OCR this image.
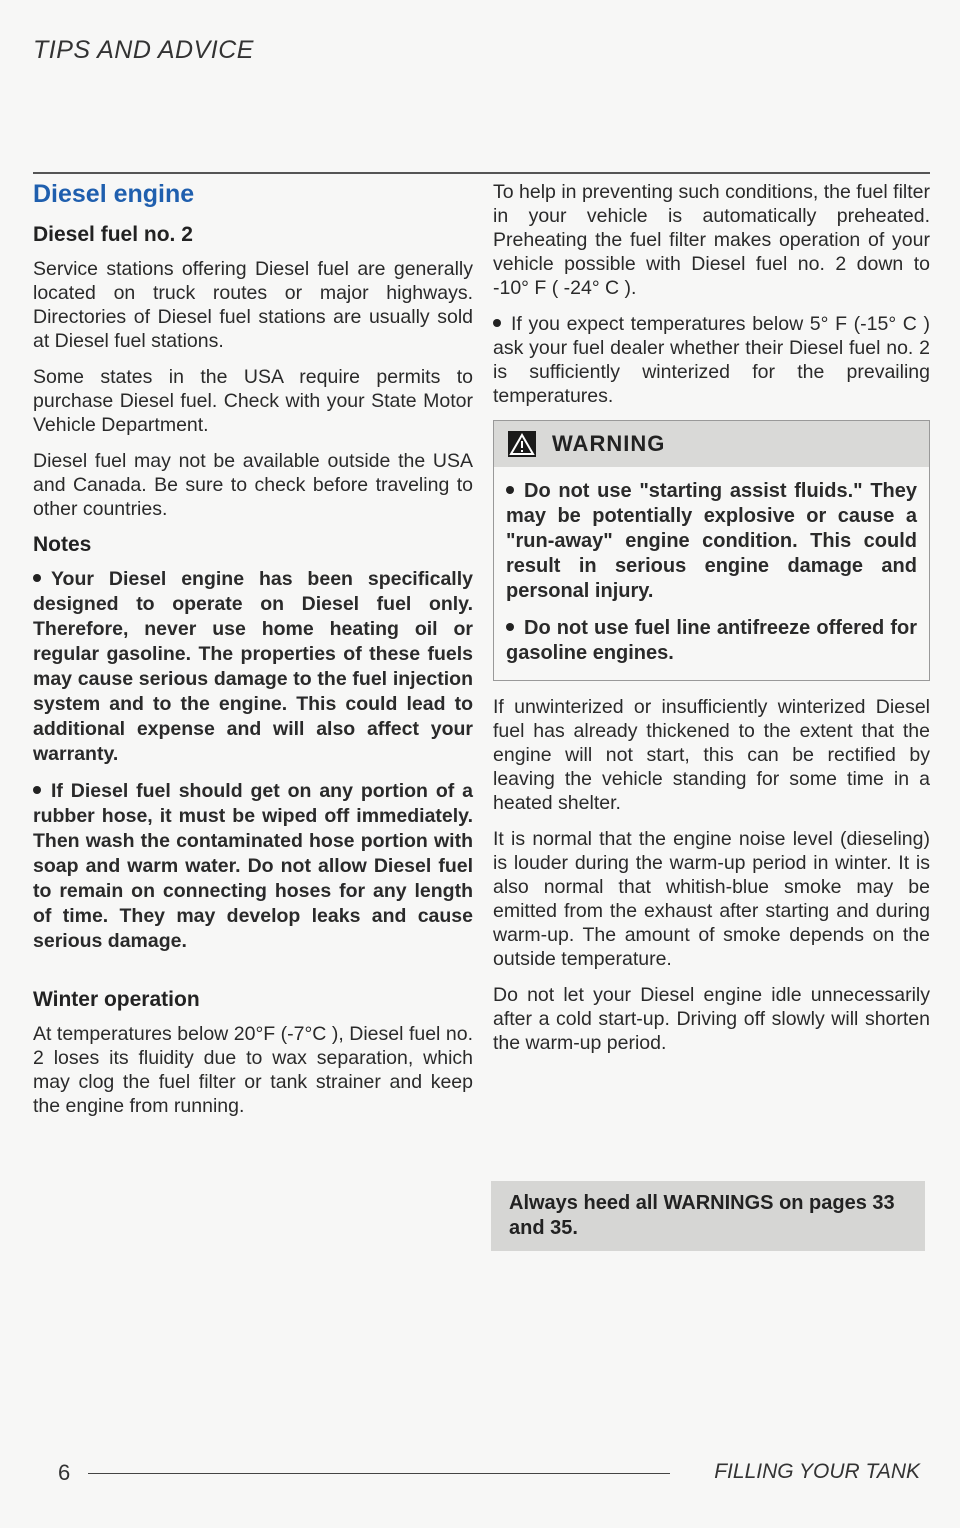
TIPS AND ADVICE
Diesel engine
Diesel fuel no. 2

Service stations offering Diesel fuel are generally located on truck routes or major highways. Directories of Diesel fuel stations are usually sold at Diesel fuel stations.

Some states in the USA require permits to purchase Diesel fuel. Check with your State Motor Vehicle Department.

Diesel fuel may not be available outside the USA and Canada. Be sure to check before traveling to other countries.

Notes
Your Diesel engine has been specifically designed to operate on Diesel fuel only. Therefore, never use home heating oil or regular gasoline. The properties of these fuels may cause serious damage to the fuel injection system and to the engine. This could lead to additional expense and will also affect your warranty.
If Diesel fuel should get on any portion of a rubber hose, it must be wiped off immediately. Then wash the contaminated hose portion with soap and warm water. Do not allow Diesel fuel to remain on connecting hoses for any length of time. They may develop leaks and cause serious damage.
Winter operation

At temperatures below 20°F (-7°C ), Diesel fuel no. 2 loses its fluidity due to wax separation, which may clog the fuel filter or tank strainer and keep the engine from running.

To help in preventing such conditions, the fuel filter in your vehicle is automatically preheated. Preheating the fuel filter makes operation of your vehicle possible with Diesel fuel no. 2 down to -10° F ( -24° C ).

If you expect temperatures below 5° F (-15° C ) ask your fuel dealer whether their Diesel fuel no. 2 is sufficiently winterized for the prevailing temperatures.
WARNING
Do not use "starting assist fluids." They may be potentially explosive or cause a "run-away" engine condition. This could result in serious engine damage and personal injury.
Do not use fuel line antifreeze offered for gasoline engines.

If unwinterized or insufficiently winterized Diesel fuel has already thickened to the extent that the engine will not start, this can be rectified by leaving the vehicle standing for some time in a heated shelter.

It is normal that the engine noise level (dieseling) is louder during the warm-up period in winter. It is also normal that whitish-blue smoke may be emitted from the exhaust after starting and during warm-up. The amount of smoke depends on the outside temperature.

Do not let your Diesel engine idle unnecessarily after a cold start-up. Driving off slowly will shorten the warm-up period.

Always heed all WARNINGS on pages 33 and 35.
6	FILLING YOUR TANK
